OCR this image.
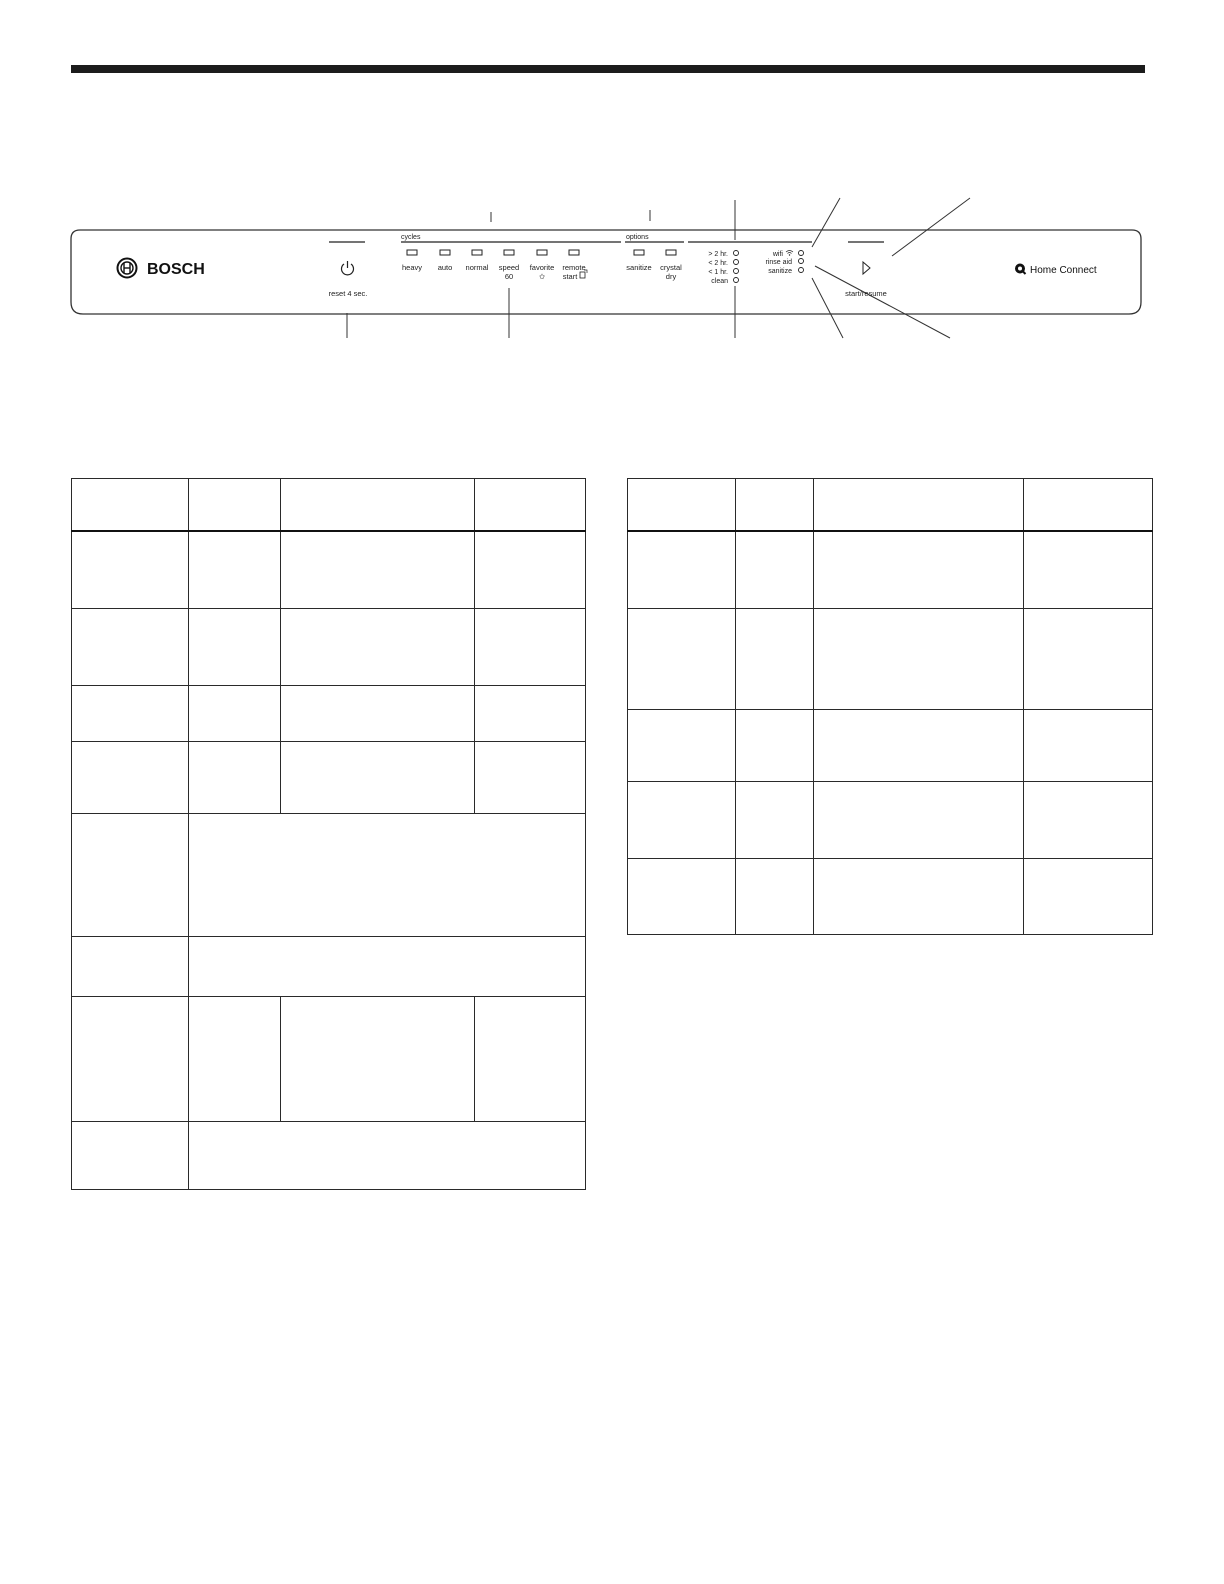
BOSCH
reset 4 sec.
cycles	options
heavy auto normal speed
60
favorite
✩
remote
start
sanitize crystal
dry
> 2 hr.
< 2 hr.
< 1 hr.
clean
wifi
rinse aid
sanitize
start/resume
Home Connect
